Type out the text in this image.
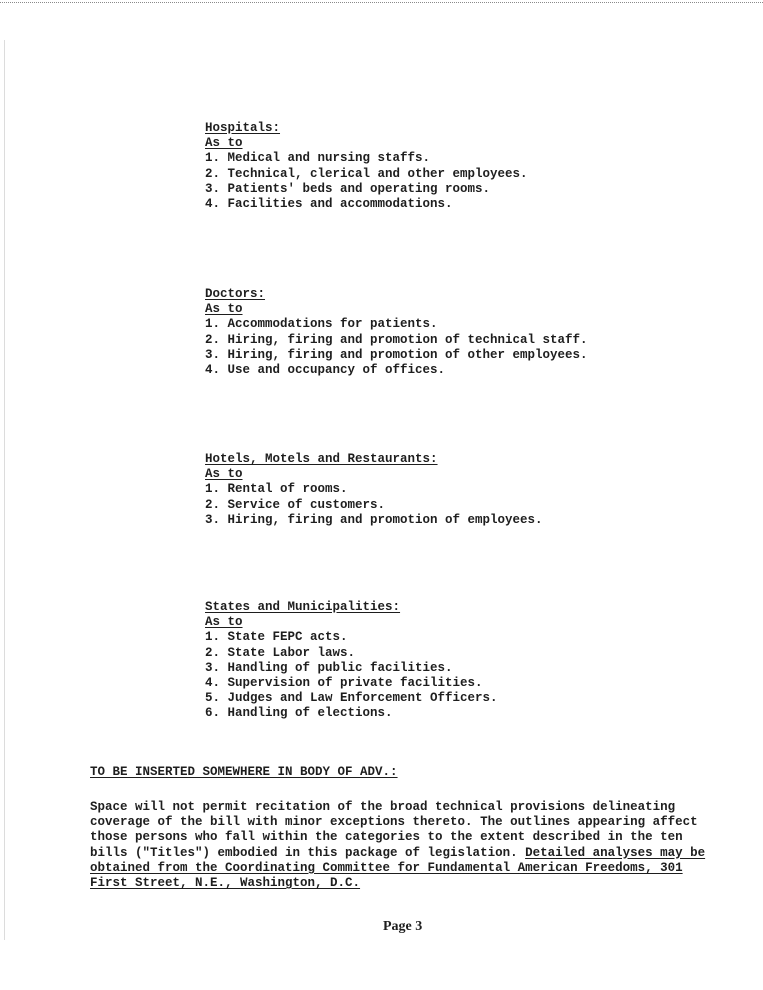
Hospitals:
As to
1. Medical and nursing staffs.
2. Technical, clerical and other employees.
3. Patients' beds and operating rooms.
4. Facilities and accommodations.
Doctors:
As to
1. Accommodations for patients.
2. Hiring, firing and promotion of technical staff.
3. Hiring, firing and promotion of other employees.
4. Use and occupancy of offices.
Hotels, Motels and Restaurants:
As to
1. Rental of rooms.
2. Service of customers.
3. Hiring, firing and promotion of employees.
States and Municipalities:
As to
1. State FEPC acts.
2. State Labor laws.
3. Handling of public facilities.
4. Supervision of private facilities.
5. Judges and Law Enforcement Officers.
6. Handling of elections.
TO BE INSERTED SOMEWHERE IN BODY OF ADV.:
Space will not permit recitation of the broad technical provisions delineating coverage of the bill with minor exceptions thereto. The outlines appearing affect those persons who fall within the categories to the extent described in the ten bills ("Titles") embodied in this package of legislation. Detailed analyses may be obtained from the Coordinating Committee for Fundamental American Freedoms, 301 First Street, N.E., Washington, D.C.
Page 3
